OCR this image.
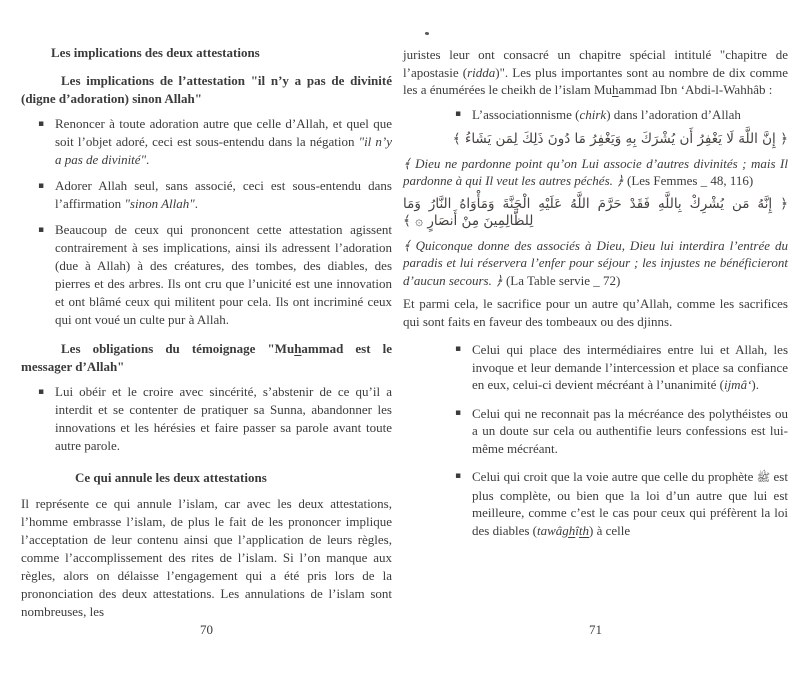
Les implications des deux attestations
Les implications de l’attestation "il n’y a pas de divinité (digne d’adoration) sinon Allah"
▪ Renoncer à toute adoration autre que celle d’Allah, et quel que soit l’objet adoré, ceci est sous-entendu dans la négation "il n’y a pas de divinité".
▪ Adorer Allah seul, sans associé, ceci est sous-entendu dans l’affirmation "sinon Allah".
▪ Beaucoup de ceux qui prononcent cette attestation agissent contrairement à ses implications, ainsi ils adressent l’adoration (due à Allah) à des créatures, des tombes, des diables, des pierres et des arbres. Ils ont cru que l’unicité est une innovation et ont blâmé ceux qui militent pour cela. Ils ont incriminé ceux qui ont voué un culte pur à Allah.
Les obligations du témoignage "Muhammad est le messager d’Allah"
▪ Lui obéir et le croire avec sincérité, s’abstenir de ce qu’il a interdit et se contenter de pratiquer sa Sunna, abandonner les innovations et les hérésies et faire passer sa parole avant toute autre parole.
Ce qui annule les deux attestations
Il représente ce qui annule l’islam, car avec les deux attestations, l’homme embrasse l’islam, de plus le fait de les prononcer implique l’acceptation de leur contenu ainsi que l’application de leurs règles, comme l’accomplissement des rites de l’islam. Si l’on manque aux règles, alors on délaisse l’engagement qui a été pris lors de la prononciation des deux attestations. Les annulations de l’islam sont nombreuses, les
70
juristes leur ont consacré un chapitre spécial intitulé "chapitre de l’apostasie (ridda)". Les plus importantes sont au nombre de dix comme les a énumérées le cheikh de l’islam Muhammad Ibn ‘Abdi-l-Wahhâb :
▪ L’associationnisme (chirk) dans l’adoration d’Allah
﴿ إِنَّ اللَّهَ لَا يَغْفِرُ أَن يُشْرَكَ بِهِ وَيَغْفِرُ مَا دُونَ ذَلِكَ لِمَن يَشَاءُ ﴾
﴾ Dieu ne pardonne point qu’on Lui associe d’autres divinités ; mais Il pardonne à qui Il veut les autres péchés. ﴿ (Les Femmes _ 48, 116)
﴿ إِنَّهُ مَن يُشْرِكْ بِاللَّهِ فَقَدْ حَرَّمَ اللَّهُ عَلَيْهِ الْجَنَّةَ وَمَأْوَاهُ النَّارُ وَمَا لِلظَّالِمِينَ مِنْ أَنصَارٍ ۞ ﴾
﴾ Quiconque donne des associés à Dieu, Dieu lui interdira l’entrée du paradis et lui réservera l’enfer pour séjour ; les injustes ne bénéficieront d’aucun secours. ﴿ (La Table servie _ 72)
Et parmi cela, le sacrifice pour un autre qu’Allah, comme les sacrifices qui sont faits en faveur des tombeaux ou des djinns.
▪ Celui qui place des intermédiaires entre lui et Allah, les invoque et leur demande l’intercession et place sa confiance en eux, celui-ci devient mécréant à l’unanimité (ijmâ‘).
▪ Celui qui ne reconnait pas la mécréance des polythéistes ou a un doute sur cela ou authentifie leurs confessions est lui-même mécréant.
▪ Celui qui croit que la voie autre que celle du prophète ﷺ est plus complète, ou bien que la loi d’un autre que lui est meilleure, comme c’est le cas pour ceux qui préfèrent la loi des diables (tawâghîth) à celle
71
